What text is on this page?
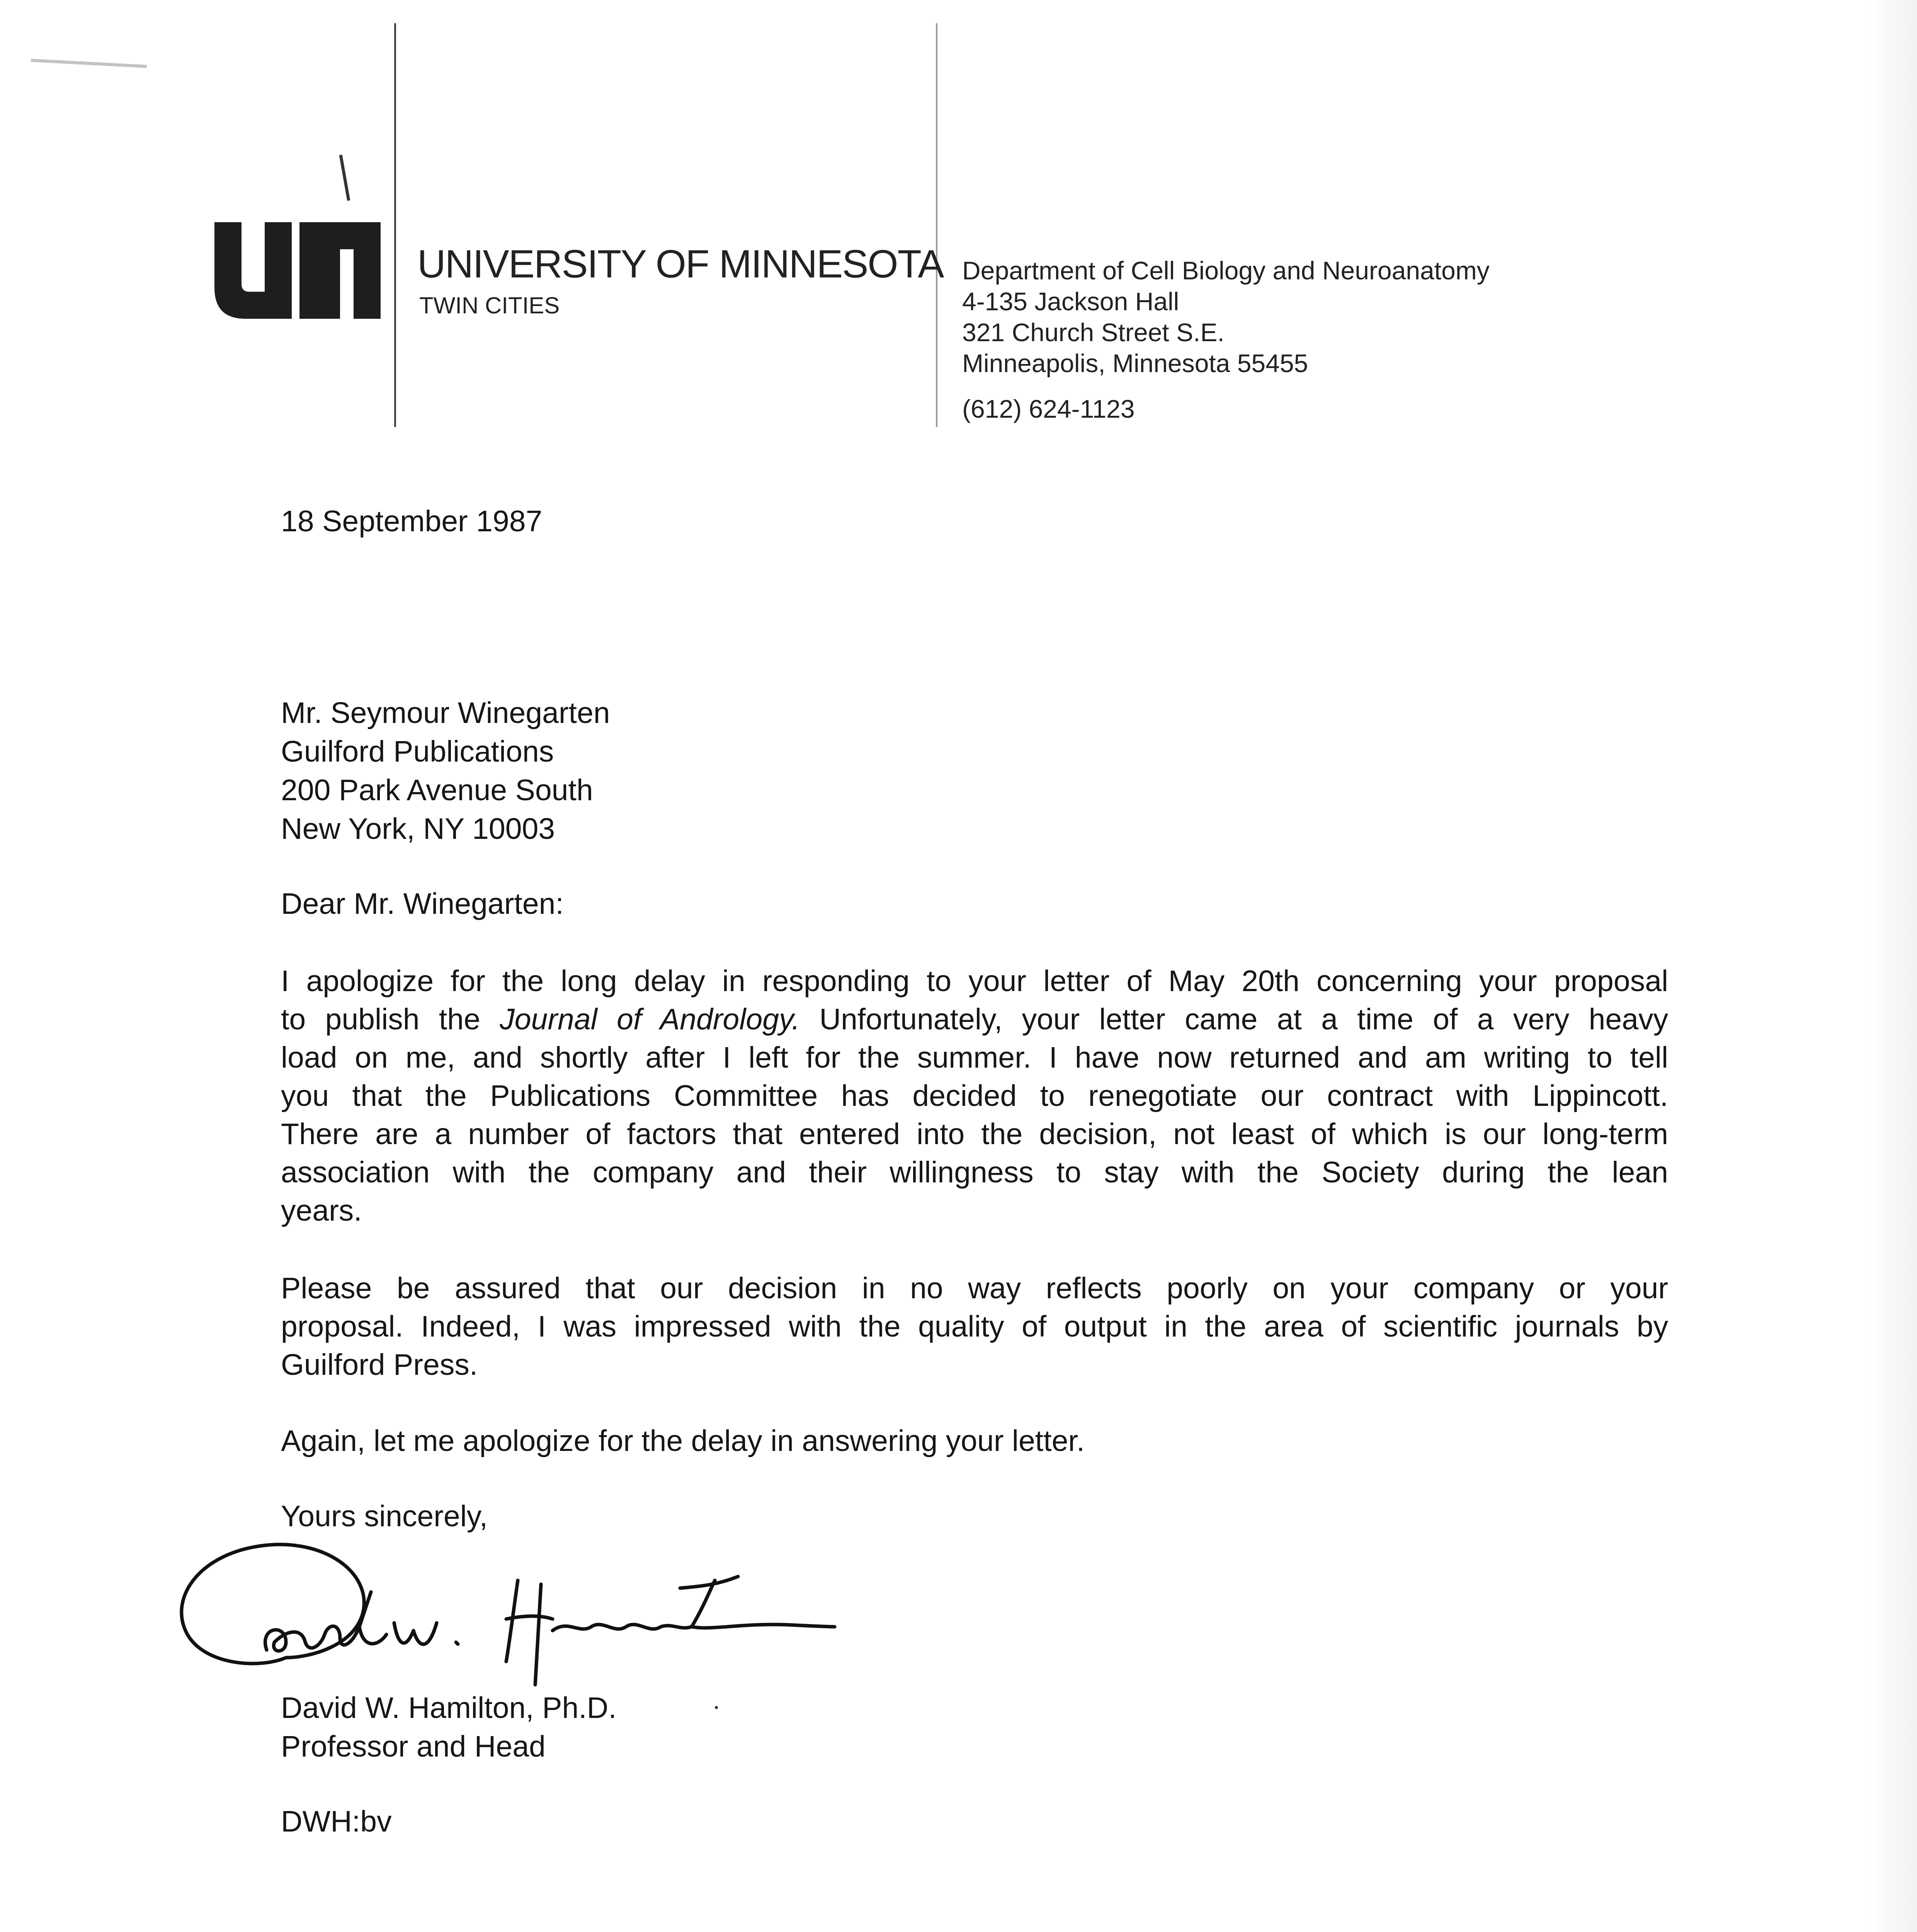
UNIVERSITY OF MINNESOTA
TWIN CITIES
Department of Cell Biology and Neuroanatomy
4-135 Jackson Hall
321 Church Street S.E.
Minneapolis, Minnesota 55455
(612) 624-1123
18 September 1987
Mr. Seymour Winegarten
Guilford Publications
200 Park Avenue South
New York, NY 10003
Dear Mr. Winegarten:
I apologize for the long delay in responding to your letter of May 20th concerning your proposal
to publish the Journal of Andrology. Unfortunately, your letter came at a time of a very heavy
load on me, and shortly after I left for the summer. I have now returned and am writing to tell
you that the Publications Committee has decided to renegotiate our contract with Lippincott.
There are a number of factors that entered into the decision, not least of which is our long-term
association with the company and their willingness to stay with the Society during the lean
years.
Please be assured that our decision in no way reflects poorly on your company or your
proposal. Indeed, I was impressed with the quality of output in the area of scientific journals by
Guilford Press.
Again, let me apologize for the delay in answering your letter.
Yours sincerely,
David W. Hamilton, Ph.D.
Professor and Head
DWH:bv
